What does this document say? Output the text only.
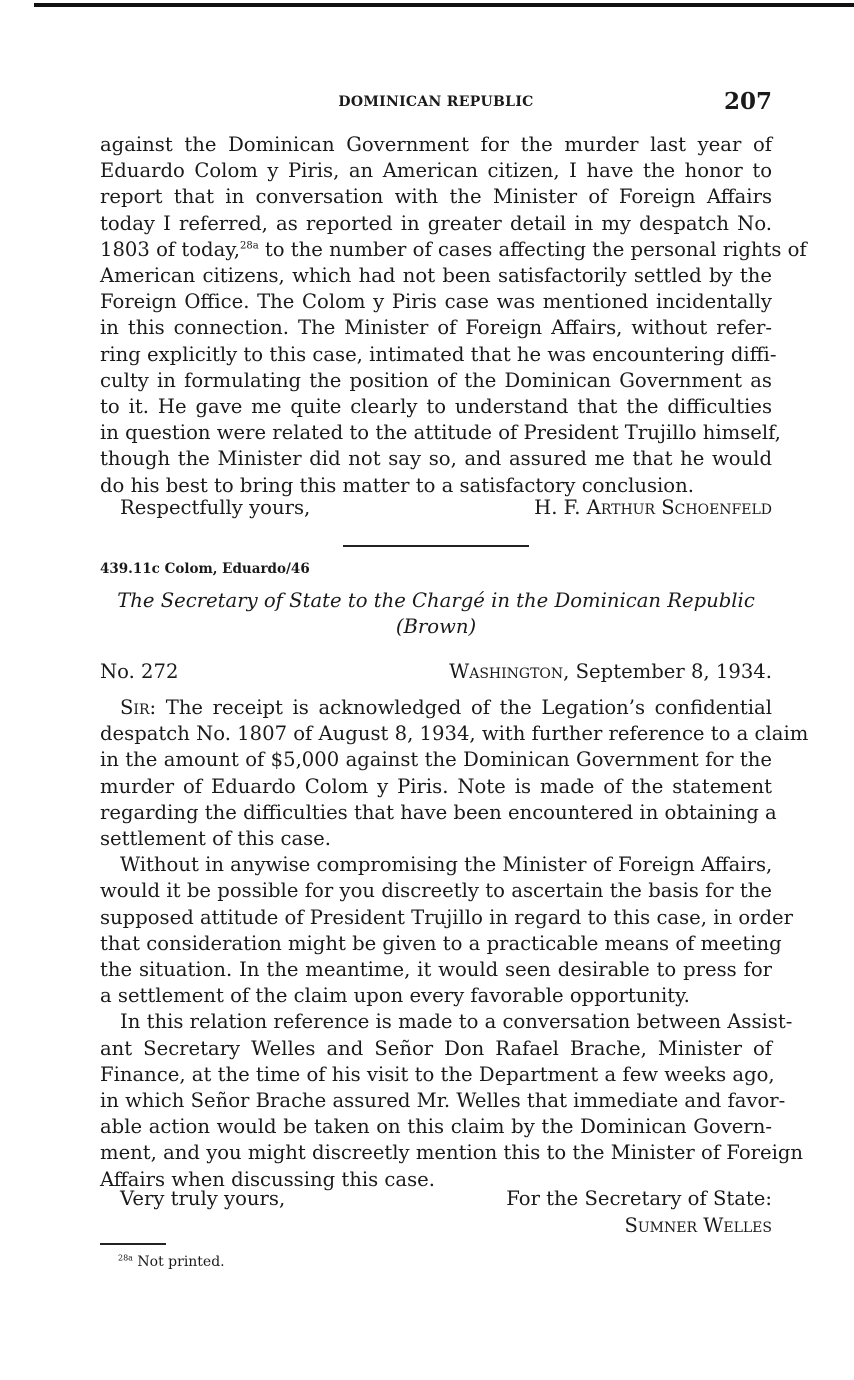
DOMINICAN REPUBLIC	207
against the Dominican Government for the murder last year of
Eduardo Colom y Piris, an American citizen, I have the honor to
report that in conversation with the Minister of Foreign Affairs
today I referred, as reported in greater detail in my despatch No.
1803 of today,$^{28a}$ to the number of cases affecting the personal rights of
American citizens, which had not been satisfactorily settled by the
Foreign Office. The Colom y Piris case was mentioned incidentally
in this connection. The Minister of Foreign Affairs, without refer-
ring explicitly to this case, intimated that he was encountering diffi-
culty in formulating the position of the Dominican Government as
to it. He gave me quite clearly to understand that the difficulties
in question were related to the attitude of President Trujillo himself,
though the Minister did not say so, and assured me that he would
do his best to bring this matter to a satisfactory conclusion.
Respectfully yours,	H. F. Arthur Schoenfeld
439.11c Colom, Eduardo/46
The Secretary of State to the Chargé in the Dominican Republic
(Brown)
No. 272	Washington, September 8, 1934.
Sir: The receipt is acknowledged of the Legation’s confidential
despatch No. 1807 of August 8, 1934, with further reference to a claim
in the amount of $5,000 against the Dominican Government for the
murder of Eduardo Colom y Piris. Note is made of the statement
regarding the difficulties that have been encountered in obtaining a
settlement of this case.
Without in anywise compromising the Minister of Foreign Affairs,
would it be possible for you discreetly to ascertain the basis for the
supposed attitude of President Trujillo in regard to this case, in order
that consideration might be given to a practicable means of meeting
the situation. In the meantime, it would seen desirable to press for
a settlement of the claim upon every favorable opportunity.
In this relation reference is made to a conversation between Assist-
ant Secretary Welles and Señor Don Rafael Brache, Minister of
Finance, at the time of his visit to the Department a few weeks ago,
in which Señor Brache assured Mr. Welles that immediate and favor-
able action would be taken on this claim by the Dominican Govern-
ment, and you might discreetly mention this to the Minister of Foreign
Affairs when discussing this case.
Very truly yours,	For the Secretary of State:
Sumner Welles
$^{28a}$ Not printed.
